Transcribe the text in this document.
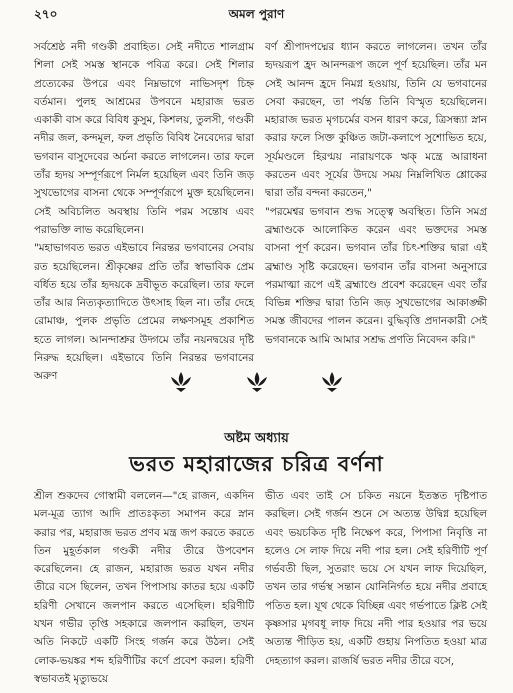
২৭০	অমল পুরাণ

সর্বশ্রেষ্ঠ নদী গণ্ডকী প্রবাহিত। সেই নদীতে শালগ্রাম শিলা সেই সমস্ত স্থানকে পবিত্র করে। সেই শিলার প্রত্যেকের উপরে এবং নিম্নভাগে নাভিসদৃশ চিহ্ন বর্তমান। পুলহ আশ্রমের উপবনে মহারাজ ভরত একাকী বাস করে বিবিধ কুসুম, কিশলয়, তুলসী, গণ্ডকী নদীর জল, কন্দমূল, ফল প্রভৃতি বিবিধ নৈবেদ্যের দ্বারা ভগবান বাসুদেবের অর্চনা করতে লাগলেন। তার ফলে তাঁর হৃদয় সম্পূর্ণরূপে নির্মল হয়েছিল এবং তিনি জড় সুখভোগের বাসনা থেকে সম্পূর্ণরূপে মুক্ত হয়েছিলেন। সেই অবিচলিত অবস্থায় তিনি পরম সন্তোষ এবং পরাভক্তি লাভ করেছিলেন।

"মহাভাগবত ভরত এইভাবে নিরন্তর ভগবানের সেবায় রত হয়েছিলেন। শ্রীকৃষ্ণের প্রতি তাঁর স্বাভাবিক প্রেম বর্ধিত হয়ে তাঁর হৃদয়কে দ্রবীভূত করেছিল। তার ফলে তাঁর আর নিত্যকৃত্যাদিতে উৎসাহ ছিল না। তাঁর দেহে রোমাঞ্চ, পুলক প্রভৃতি প্রেমের লক্ষণসমূহ প্রকাশিত হতে লাগল। আনন্দাশ্রুর উদ্গমে তাঁর নয়নদ্বয়ের দৃষ্টি নিরুদ্ধ হয়েছিল। এইভাবে তিনি নিরন্তর ভগবানের অরুণ

বর্ণ শ্রীপাদপদ্মের ধ্যান করতে লাগলেন। তখন তাঁর হৃদয়রূপ হ্রদ আনন্দরূপ জলে পূর্ণ হয়েছিল। তাঁর মন সেই আনন্দ হ্রদে নিমগ্ন হওয়ায়, তিনি যে ভগবানের সেবা করছেন, তা পর্যন্ত তিনি বিস্মৃত হয়েছিলেন। মহারাজ ভরত মৃগচর্মের বসন ধারণ করে, ত্রিসন্ধ্যা স্নান করার ফলে সিক্ত কুঞ্চিত জটা-কলাপে সুশোভিত হয়ে, সূর্যমণ্ডলে হিরণ্ময় নারায়ণকে ঋক্ মন্ত্রে আরাধনা করতেন এবং সূর্যের উদয়ে সময় নিম্নলিখিত শ্লোকের দ্বারা তাঁর বন্দনা করতেন,"

"পরমেশ্বর ভগবান শুদ্ধ সত্ত্বে অবস্থিত। তিনি সমগ্র ব্রহ্মাণ্ডকে আলোকিত করেন এবং ভক্তদের সমস্ত বাসনা পূর্ণ করেন। ভগবান তাঁর চিৎ-শক্তির দ্বারা এই ব্রহ্মাণ্ড সৃষ্টি করেছেন। ভগবান তাঁর বাসনা অনুসারে পরমাত্মা রূপে এই ব্রহ্মাণ্ডে প্রবেশ করেছেন এবং তাঁর বিভিন্ন শক্তির দ্বারা তিনি জড় সুখভোগের আকাঙ্ক্ষী সমস্ত জীবদের পালন করেন। বুদ্ধিবৃত্তি প্রদানকারী সেই ভগবানকে আমি আমার সশ্রদ্ধ প্রণতি নিবেদন করি।"

অষ্টম অধ্যায়
ভরত মহারাজের চরিত্র বর্ণনা

শ্রীল শুকদেব গোস্বামী বললেন—"হে রাজন, একদিন মল-মূত্র ত্যাগ আদি প্রাতঃকৃত্য সমাপন করে স্নান করার পর, মহারাজ ভরত প্রণব মন্ত্র জপ করতে করতে তিন মুহূর্তকাল গণ্ডকী নদীর তীরে উপবেশন করেছিলেন। হে রাজন, মহারাজ ভরত যখন নদীর তীরে বসে ছিলেন, তখন পিপাসায় কাতর হয়ে একটি হরিণী সেখানে জলপান করতে এসেছিল। হরিণীটি যখন গভীর তৃপ্তি সহকারে জলপান করছিল, তখন অতি নিকটে একটি সিংহ গর্জন করে উঠল। সেই লোক-ভয়ঙ্কর শব্দ হরিণীটির কর্ণে প্রবেশ করল। হরিণী স্বভাবতই মৃত্যুভয়ে

ভীত এবং তাই সে চকিত নয়নে ইতস্তত দৃষ্টিপাত করছিল। সেই গর্জন শুনে সে অত্যন্ত উদ্বিগ্ন হয়েছিল এবং ভয়চকিত দৃষ্টি নিক্ষেপ করে, পিপাসা নিবৃত্তি না হলেও সে লাফ দিয়ে নদী পার হল। সেই হরিণীটি পূর্ণ গর্ভবতী ছিল, সুতরাং ভয়ে সে যখন লাফ দিয়েছিল, তখন তার গর্ভস্থ সন্তান যোনিনির্গত হয়ে নদীর প্রবাহে পতিত হল। যূথ থেকে বিচ্ছিন্ন এবং গর্ভপাতে ক্লিষ্ট সেই কৃষ্ণসার মৃগবধূ লাফ দিয়ে নদী পার হওয়ার পর ভয়ে অত্যন্ত পীড়িত হয়, একটি গুহায় নিপতিত হওয়া মাত্র দেহত্যাগ করল। রাজর্ষি ভরত নদীর তীরে বসে,
